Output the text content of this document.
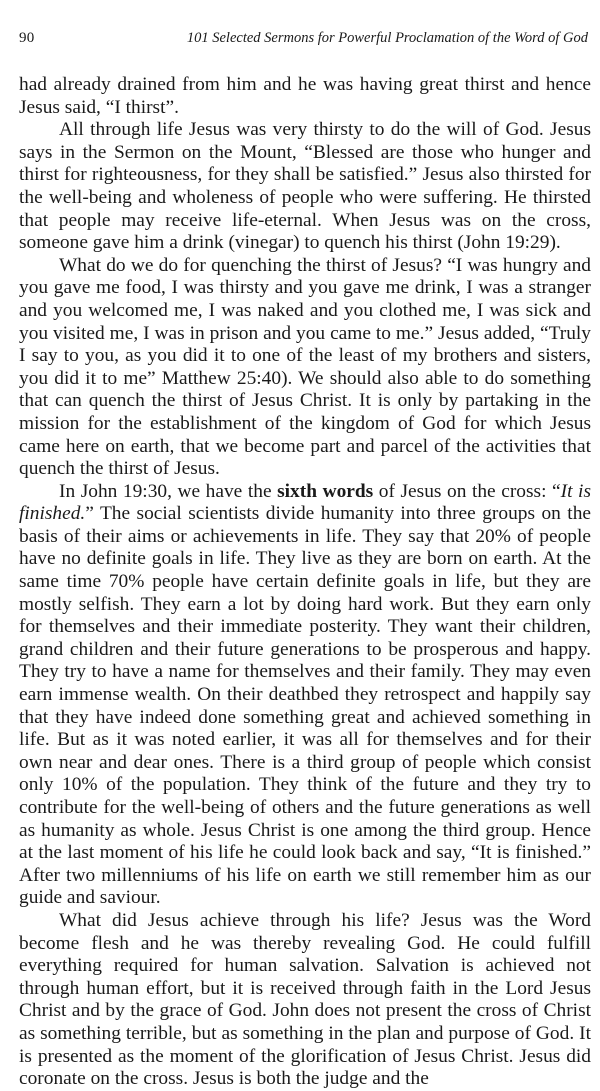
90	101 Selected Sermons for Powerful Proclamation of the Word of God

had already drained from him and he was having great thirst and hence Jesus said, “I thirst”.

All through life Jesus was very thirsty to do the will of God. Jesus says in the Sermon on the Mount, “Blessed are those who hunger and thirst for righteousness, for they shall be satisfied.” Jesus also thirsted for the well-being and wholeness of people who were suffering. He thirsted that people may receive life-eternal. When Jesus was on the cross, someone gave him a drink (vinegar) to quench his thirst (John 19:29).

What do we do for quenching the thirst of Jesus? “I was hungry and you gave me food, I was thirsty and you gave me drink, I was a stranger and you welcomed me, I was naked and you clothed me, I was sick and you visited me, I was in prison and you came to me.” Jesus added, “Truly I say to you, as you did it to one of the least of my brothers and sisters, you did it to me” Matthew 25:40). We should also able to do something that can quench the thirst of Jesus Christ. It is only by partaking in the mission for the establishment of the kingdom of God for which Jesus came here on earth, that we become part and parcel of the activities that quench the thirst of Jesus.

In John 19:30, we have the sixth words of Jesus on the cross: “It is finished.” The social scientists divide humanity into three groups on the basis of their aims or achievements in life. They say that 20% of people have no definite goals in life. They live as they are born on earth. At the same time 70% people have certain definite goals in life, but they are mostly selfish. They earn a lot by doing hard work. But they earn only for themselves and their immediate posterity. They want their children, grand children and their future generations to be prosperous and happy. They try to have a name for themselves and their family. They may even earn immense wealth. On their deathbed they retrospect and happily say that they have indeed done something great and achieved something in life. But as it was noted earlier, it was all for themselves and for their own near and dear ones. There is a third group of people which consist only 10% of the population. They think of the future and they try to contribute for the well-being of others and the future generations as well as humanity as whole. Jesus Christ is one among the third group. Hence at the last moment of his life he could look back and say, “It is finished.” After two millenniums of his life on earth we still remember him as our guide and saviour.

What did Jesus achieve through his life? Jesus was the Word become flesh and he was thereby revealing God. He could fulfill everything required for human salvation. Salvation is achieved not through human effort, but it is received through faith in the Lord Jesus Christ and by the grace of God. John does not present the cross of Christ as something terrible, but as something in the plan and purpose of God. It is presented as the moment of the glorification of Jesus Christ. Jesus did coronate on the cross. Jesus is both the judge and the
